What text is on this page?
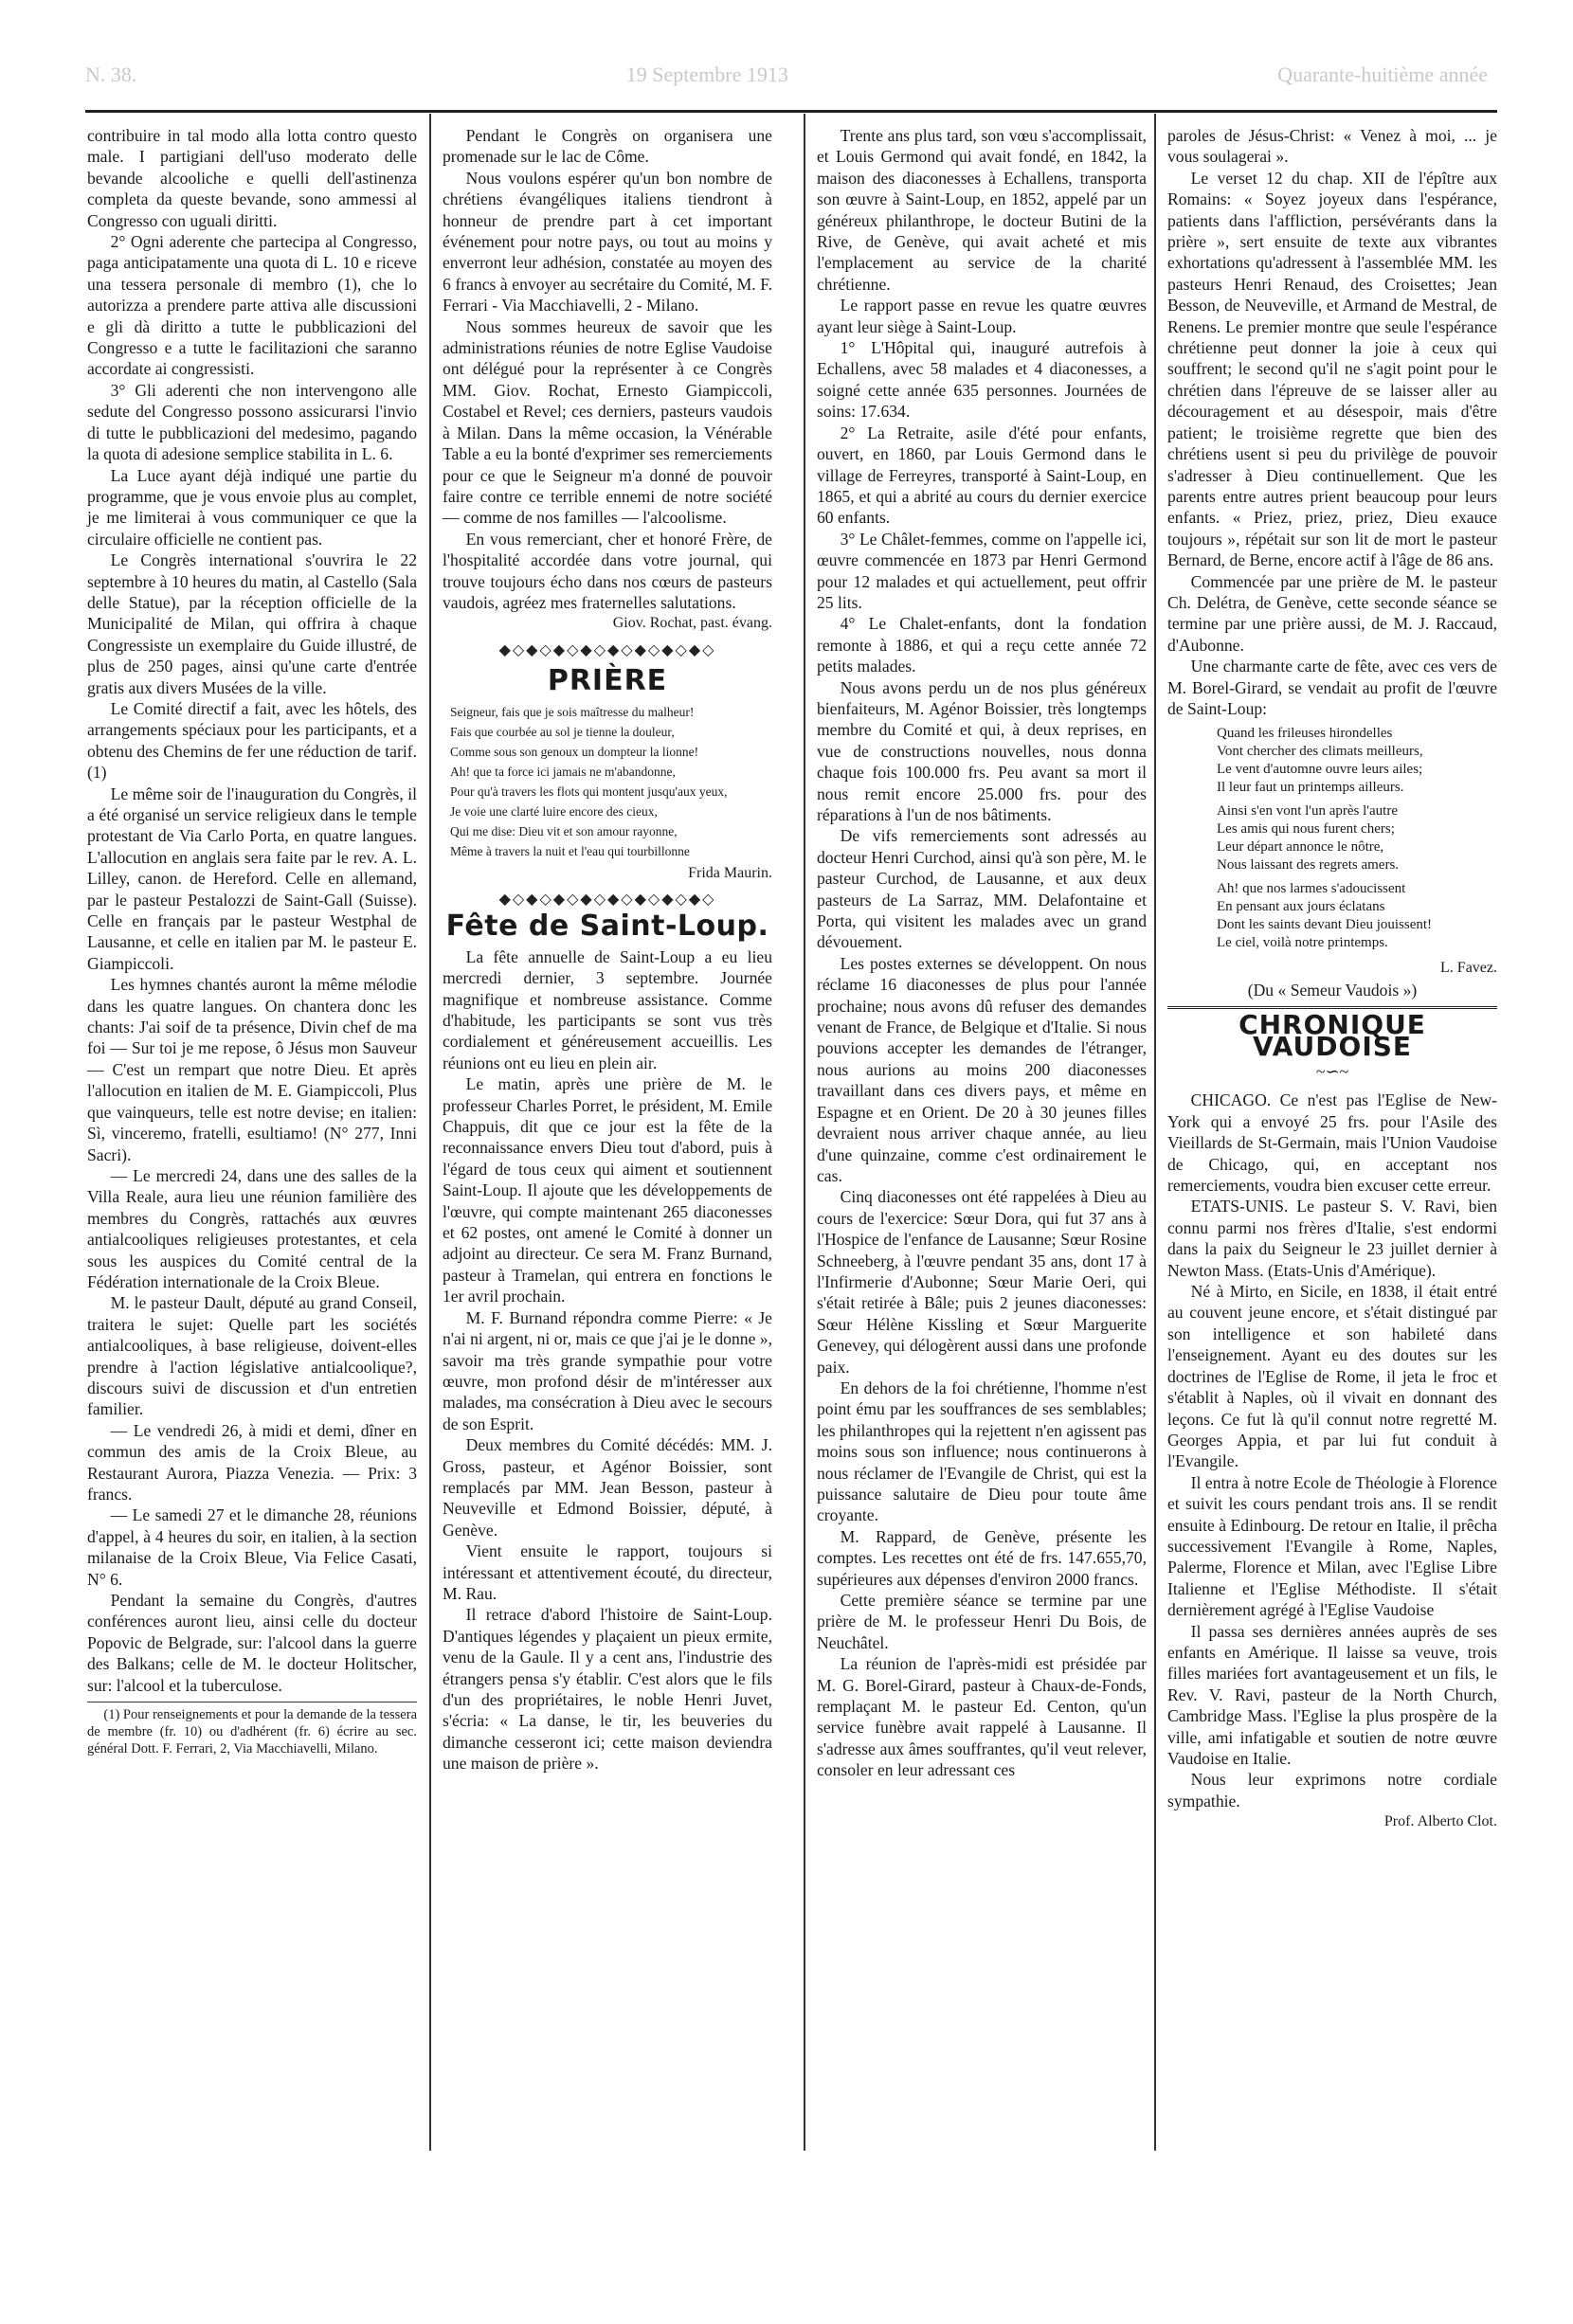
N. 38.	19 Septembre 1913	Quarante-huitième année

contribuire in tal modo alla lotta contro questo male. I partigiani dell'uso moderato delle bevande alcooliche e quelli dell'astinenza completa da queste bevande, sono ammessi al Congresso con uguali diritti.

2° Ogni aderente che partecipa al Congresso, paga anticipatamente una quota di L. 10 e riceve una tessera personale di membro (1), che lo autorizza a prendere parte attiva alle discussioni e gli dà diritto a tutte le pubblicazioni del Congresso e a tutte le facilitazioni che saranno accordate ai congressisti.

3° Gli aderenti che non intervengono alle sedute del Congresso possono assicurarsi l'invio di tutte le pubblicazioni del medesimo, pagando la quota di adesione semplice stabilita in L. 6.

La Luce ayant déjà indiqué une partie du programme, que je vous envoie plus au complet, je me limiterai à vous communiquer ce que la circulaire officielle ne contient pas.

Le Congrès international s'ouvrira le 22 septembre à 10 heures du matin, al Castello (Sala delle Statue), par la réception officielle de la Municipalité de Milan, qui offrira à chaque Congressiste un exemplaire du Guide illustré, de plus de 250 pages, ainsi qu'une carte d'entrée gratis aux divers Musées de la ville.

Le Comité directif a fait, avec les hôtels, des arrangements spéciaux pour les participants, et a obtenu des Chemins de fer une réduction de tarif. (1)

Le même soir de l'inauguration du Congrès, il a été organisé un service religieux dans le temple protestant de Via Carlo Porta, en quatre langues. L'allocution en anglais sera faite par le rev. A. L. Lilley, canon. de Hereford. Celle en allemand, par le pasteur Pestalozzi de Saint-Gall (Suisse). Celle en français par le pasteur Westphal de Lausanne, et celle en italien par M. le pasteur E. Giampiccoli.

Les hymnes chantés auront la même mélodie dans les quatre langues. On chantera donc les chants: J'ai soif de ta présence, Divin chef de ma foi — Sur toi je me repose, ô Jésus mon Sauveur — C'est un rempart que notre Dieu. Et après l'allocution en italien de M. E. Giampiccoli, Plus que vainqueurs, telle est notre devise; en italien: Sì, vinceremo, fratelli, esultiamo! (N° 277, Inni Sacri).

— Le mercredi 24, dans une des salles de la Villa Reale, aura lieu une réunion familière des membres du Congrès, rattachés aux œuvres antialcooliques religieuses protestantes, et cela sous les auspices du Comité central de la Fédération internationale de la Croix Bleue.

M. le pasteur Dault, député au grand Conseil, traitera le sujet: Quelle part les sociétés antialcooliques, à base religieuse, doivent-elles prendre à l'action législative antialcoolique?, discours suivi de discussion et d'un entretien familier.

— Le vendredi 26, à midi et demi, dîner en commun des amis de la Croix Bleue, au Restaurant Aurora, Piazza Venezia. — Prix: 3 francs.

— Le samedi 27 et le dimanche 28, réunions d'appel, à 4 heures du soir, en italien, à la section milanaise de la Croix Bleue, Via Felice Casati, N° 6.

Pendant la semaine du Congrès, d'autres conférences auront lieu, ainsi celle du docteur Popovic de Belgrade, sur: l'alcool dans la guerre des Balkans; celle de M. le docteur Holitscher, sur: l'alcool et la tuberculose.

(1) Pour renseignements et pour la demande de la tessera de membre (fr. 10) ou d'adhérent (fr. 6) écrire au sec. général Dott. F. Ferrari, 2, Via Macchiavelli, Milano.

Pendant le Congrès on organisera une promenade sur le lac de Côme.

Nous voulons espérer qu'un bon nombre de chrétiens évangéliques italiens tiendront à honneur de prendre part à cet important événement pour notre pays, ou tout au moins y enverront leur adhésion, constatée au moyen des 6 francs à envoyer au secrétaire du Comité, M. F. Ferrari - Via Macchiavelli, 2 - Milano.

Nous sommes heureux de savoir que les administrations réunies de notre Eglise Vaudoise ont délégué pour la représenter à ce Congrès MM. Giov. Rochat, Ernesto Giampiccoli, Costabel et Revel; ces derniers, pasteurs vaudois à Milan. Dans la même occasion, la Vénérable Table a eu la bonté d'exprimer ses remerciements pour ce que le Seigneur m'a donné de pouvoir faire contre ce terrible ennemi de notre société — comme de nos familles — l'alcoolisme.

En vous remerciant, cher et honoré Frère, de l'hospitalité accordée dans votre journal, qui trouve toujours écho dans nos cœurs de pasteurs vaudois, agréez mes fraternelles salutations.

Giov. Rochat, past. évang.

◆◇◆◇◆◇◆◇◆◇◆◇◆◇◆◇
PRIÈRE
Seigneur, fais que je sois maîtresse du malheur!
Fais que courbée au sol je tienne la douleur,
Comme sous son genoux un dompteur la lionne!
Ah! que ta force ici jamais ne m'abandonne,
Pour qu'à travers les flots qui montent jusqu'aux yeux,
Je voie une clarté luire encore des cieux,
Qui me dise: Dieu vit et son amour rayonne,
Même à travers la nuit et l'eau qui tourbillonne

Frida Maurin.

◆◇◆◇◆◇◆◇◆◇◆◇◆◇◆◇
Fête de Saint-Loup.

La fête annuelle de Saint-Loup a eu lieu mercredi dernier, 3 septembre. Journée magnifique et nombreuse assistance. Comme d'habitude, les participants se sont vus très cordialement et généreusement accueillis. Les réunions ont eu lieu en plein air.

Le matin, après une prière de M. le professeur Charles Porret, le président, M. Emile Chappuis, dit que ce jour est la fête de la reconnaissance envers Dieu tout d'abord, puis à l'égard de tous ceux qui aiment et soutiennent Saint-Loup. Il ajoute que les développements de l'œuvre, qui compte maintenant 265 diaconesses et 62 postes, ont amené le Comité à donner un adjoint au directeur. Ce sera M. Franz Burnand, pasteur à Tramelan, qui entrera en fonctions le 1er avril prochain.

M. F. Burnand répondra comme Pierre: « Je n'ai ni argent, ni or, mais ce que j'ai je le donne », savoir ma très grande sympathie pour votre œuvre, mon profond désir de m'intéresser aux malades, ma consécration à Dieu avec le secours de son Esprit.

Deux membres du Comité décédés: MM. J. Gross, pasteur, et Agénor Boissier, sont remplacés par MM. Jean Besson, pasteur à Neuveville et Edmond Boissier, député, à Genève.

Vient ensuite le rapport, toujours si intéressant et attentivement écouté, du directeur, M. Rau.

Il retrace d'abord l'histoire de Saint-Loup. D'antiques légendes y plaçaient un pieux ermite, venu de la Gaule. Il y a cent ans, l'industrie des étrangers pensa s'y établir. C'est alors que le fils d'un des propriétaires, le noble Henri Juvet, s'écria: « La danse, le tir, les beuveries du dimanche cesseront ici; cette maison deviendra une maison de prière ».

Trente ans plus tard, son vœu s'accomplissait, et Louis Germond qui avait fondé, en 1842, la maison des diaconesses à Echallens, transporta son œuvre à Saint-Loup, en 1852, appelé par un généreux philanthrope, le docteur Butini de la Rive, de Genève, qui avait acheté et mis l'emplacement au service de la charité chrétienne.

Le rapport passe en revue les quatre œuvres ayant leur siège à Saint-Loup.

1° L'Hôpital qui, inauguré autrefois à Echallens, avec 58 malades et 4 diaconesses, a soigné cette année 635 personnes. Journées de soins: 17.634.

2° La Retraite, asile d'été pour enfants, ouvert, en 1860, par Louis Germond dans le village de Ferreyres, transporté à Saint-Loup, en 1865, et qui a abrité au cours du dernier exercice 60 enfants.

3° Le Châlet-femmes, comme on l'appelle ici, œuvre commencée en 1873 par Henri Germond pour 12 malades et qui actuellement, peut offrir 25 lits.

4° Le Chalet-enfants, dont la fondation remonte à 1886, et qui a reçu cette année 72 petits malades.

Nous avons perdu un de nos plus généreux bienfaiteurs, M. Agénor Boissier, très longtemps membre du Comité et qui, à deux reprises, en vue de constructions nouvelles, nous donna chaque fois 100.000 frs. Peu avant sa mort il nous remit encore 25.000 frs. pour des réparations à l'un de nos bâtiments.

De vifs remerciements sont adressés au docteur Henri Curchod, ainsi qu'à son père, M. le pasteur Curchod, de Lausanne, et aux deux pasteurs de La Sarraz, MM. Delafontaine et Porta, qui visitent les malades avec un grand dévouement.

Les postes externes se développent. On nous réclame 16 diaconesses de plus pour l'année prochaine; nous avons dû refuser des demandes venant de France, de Belgique et d'Italie. Si nous pouvions accepter les demandes de l'étranger, nous aurions au moins 200 diaconesses travaillant dans ces divers pays, et même en Espagne et en Orient. De 20 à 30 jeunes filles devraient nous arriver chaque année, au lieu d'une quinzaine, comme c'est ordinairement le cas.

Cinq diaconesses ont été rappelées à Dieu au cours de l'exercice: Sœur Dora, qui fut 37 ans à l'Hospice de l'enfance de Lausanne; Sœur Rosine Schneeberg, à l'œuvre pendant 35 ans, dont 17 à l'Infirmerie d'Aubonne; Sœur Marie Oeri, qui s'était retirée à Bâle; puis 2 jeunes diaconesses: Sœur Hélène Kissling et Sœur Marguerite Genevey, qui délogèrent aussi dans une profonde paix.

En dehors de la foi chrétienne, l'homme n'est point ému par les souffrances de ses semblables; les philanthropes qui la rejettent n'en agissent pas moins sous son influence; nous continuerons à nous réclamer de l'Evangile de Christ, qui est la puissance salutaire de Dieu pour toute âme croyante.

M. Rappard, de Genève, présente les comptes. Les recettes ont été de frs. 147.655,70, supérieures aux dépenses d'environ 2000 francs.

Cette première séance se termine par une prière de M. le professeur Henri Du Bois, de Neuchâtel.

La réunion de l'après-midi est présidée par M. G. Borel-Girard, pasteur à Chaux-de-Fonds, remplaçant M. le pasteur Ed. Centon, qu'un service funèbre avait rappelé à Lausanne. Il s'adresse aux âmes souffrantes, qu'il veut relever, consoler en leur adressant ces

paroles de Jésus-Christ: « Venez à moi, ... je vous soulagerai ».

Le verset 12 du chap. XII de l'épître aux Romains: « Soyez joyeux dans l'espérance, patients dans l'affliction, persévérants dans la prière », sert ensuite de texte aux vibrantes exhortations qu'adressent à l'assemblée MM. les pasteurs Henri Renaud, des Croisettes; Jean Besson, de Neuveville, et Armand de Mestral, de Renens. Le premier montre que seule l'espérance chrétienne peut donner la joie à ceux qui souffrent; le second qu'il ne s'agit point pour le chrétien dans l'épreuve de se laisser aller au découragement et au désespoir, mais d'être patient; le troisième regrette que bien des chrétiens usent si peu du privilège de pouvoir s'adresser à Dieu continuellement. Que les parents entre autres prient beaucoup pour leurs enfants. « Priez, priez, priez, Dieu exauce toujours », répétait sur son lit de mort le pasteur Bernard, de Berne, encore actif à l'âge de 86 ans.

Commencée par une prière de M. le pasteur Ch. Delétra, de Genève, cette seconde séance se termine par une prière aussi, de M. J. Raccaud, d'Aubonne.

Une charmante carte de fête, avec ces vers de M. Borel-Girard, se vendait au profit de l'œuvre de Saint-Loup:

Quand les frileuses hirondelles
Vont chercher des climats meilleurs,
Le vent d'automne ouvre leurs ailes;
Il leur faut un printemps ailleurs.
Ainsi s'en vont l'un après l'autre
Les amis qui nous furent chers;
Leur départ annonce le nôtre,
Nous laissant des regrets amers.
Ah! que nos larmes s'adoucissent
En pensant aux jours éclatans
Dont les saints devant Dieu jouissent!
Le ciel, voilà notre printemps.

L. Favez.

(Du « Semeur Vaudois »)

CHRONIQUE VAUDOISE
~∽~

CHICAGO. Ce n'est pas l'Eglise de New-York qui a envoyé 25 frs. pour l'Asile des Vieillards de St-Germain, mais l'Union Vaudoise de Chicago, qui, en acceptant nos remerciements, voudra bien excuser cette erreur.

ETATS-UNIS. Le pasteur S. V. Ravi, bien connu parmi nos frères d'Italie, s'est endormi dans la paix du Seigneur le 23 juillet dernier à Newton Mass. (Etats-Unis d'Amérique).

Né à Mirto, en Sicile, en 1838, il était entré au couvent jeune encore, et s'était distingué par son intelligence et son habileté dans l'enseignement. Ayant eu des doutes sur les doctrines de l'Eglise de Rome, il jeta le froc et s'établit à Naples, où il vivait en donnant des leçons. Ce fut là qu'il connut notre regretté M. Georges Appia, et par lui fut conduit à l'Evangile.

Il entra à notre Ecole de Théologie à Florence et suivit les cours pendant trois ans. Il se rendit ensuite à Edinbourg. De retour en Italie, il prêcha successivement l'Evangile à Rome, Naples, Palerme, Florence et Milan, avec l'Eglise Libre Italienne et l'Eglise Méthodiste. Il s'était dernièrement agrégé à l'Eglise Vaudoise

Il passa ses dernières années auprès de ses enfants en Amérique. Il laisse sa veuve, trois filles mariées fort avantageusement et un fils, le Rev. V. Ravi, pasteur de la North Church, Cambridge Mass. l'Eglise la plus prospère de la ville, ami infatigable et soutien de notre œuvre Vaudoise en Italie.

Nous leur exprimons notre cordiale sympathie.

Prof. Alberto Clot.
